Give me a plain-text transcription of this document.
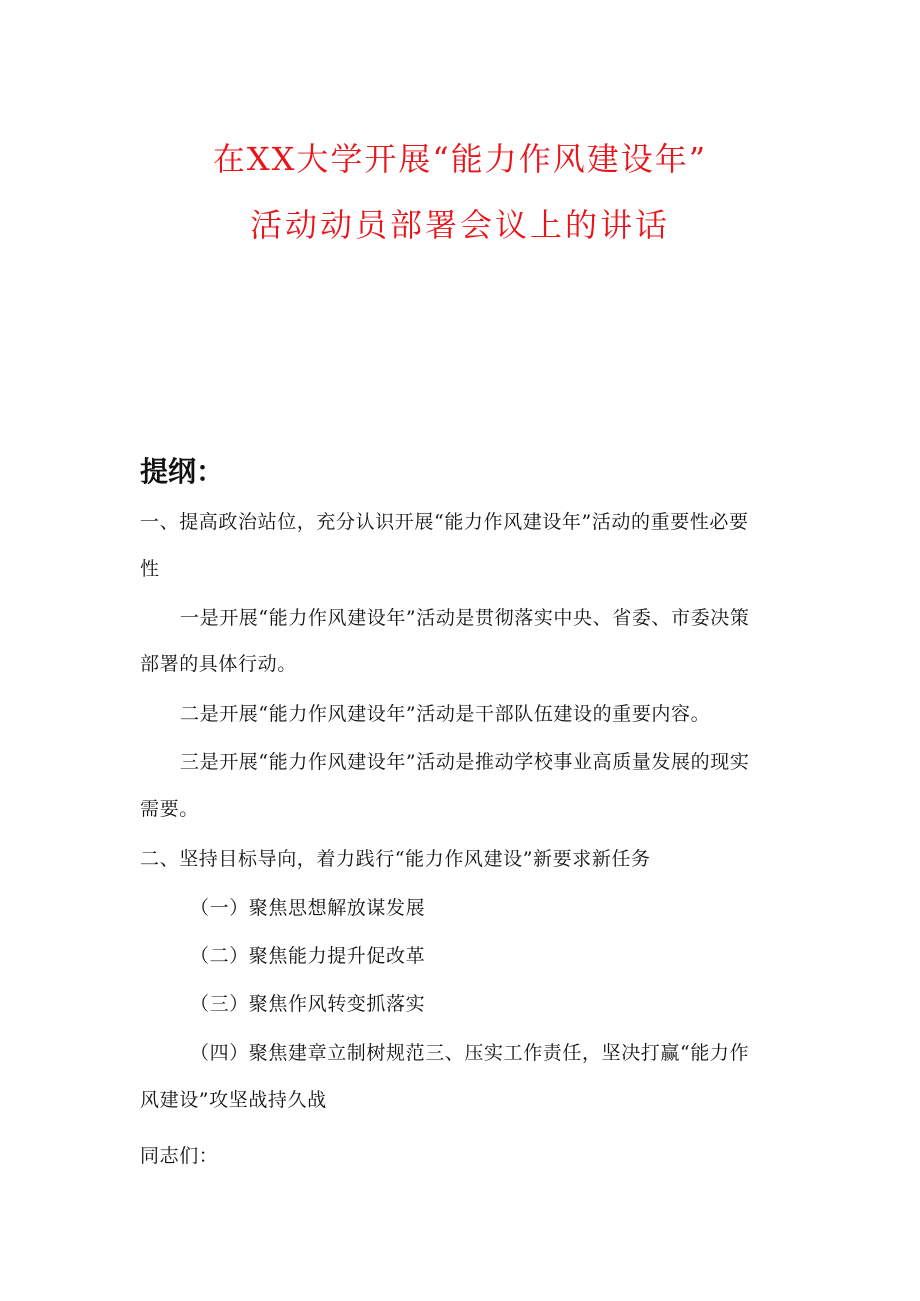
在XX大学开展“能力作风建设年”
活动动员部署会议上的讲话
提纲：
一、提高政治站位，充分认识开展“能力作风建设年”活动的重要性必要
性
一是开展“能力作风建设年”活动是贯彻落实中央、省委、市委决策
部署的具体行动。
二是开展“能力作风建设年”活动是干部队伍建设的重要内容。
三是开展“能力作风建设年”活动是推动学校事业高质量发展的现实
需要。
二、坚持目标导向，着力践行“能力作风建设”新要求新任务
（一）聚焦思想解放谋发展
（二）聚焦能力提升促改革
（三）聚焦作风转变抓落实
（四）聚焦建章立制树规范三、压实工作责任，坚决打赢“能力作
风建设”攻坚战持久战
同志们：
